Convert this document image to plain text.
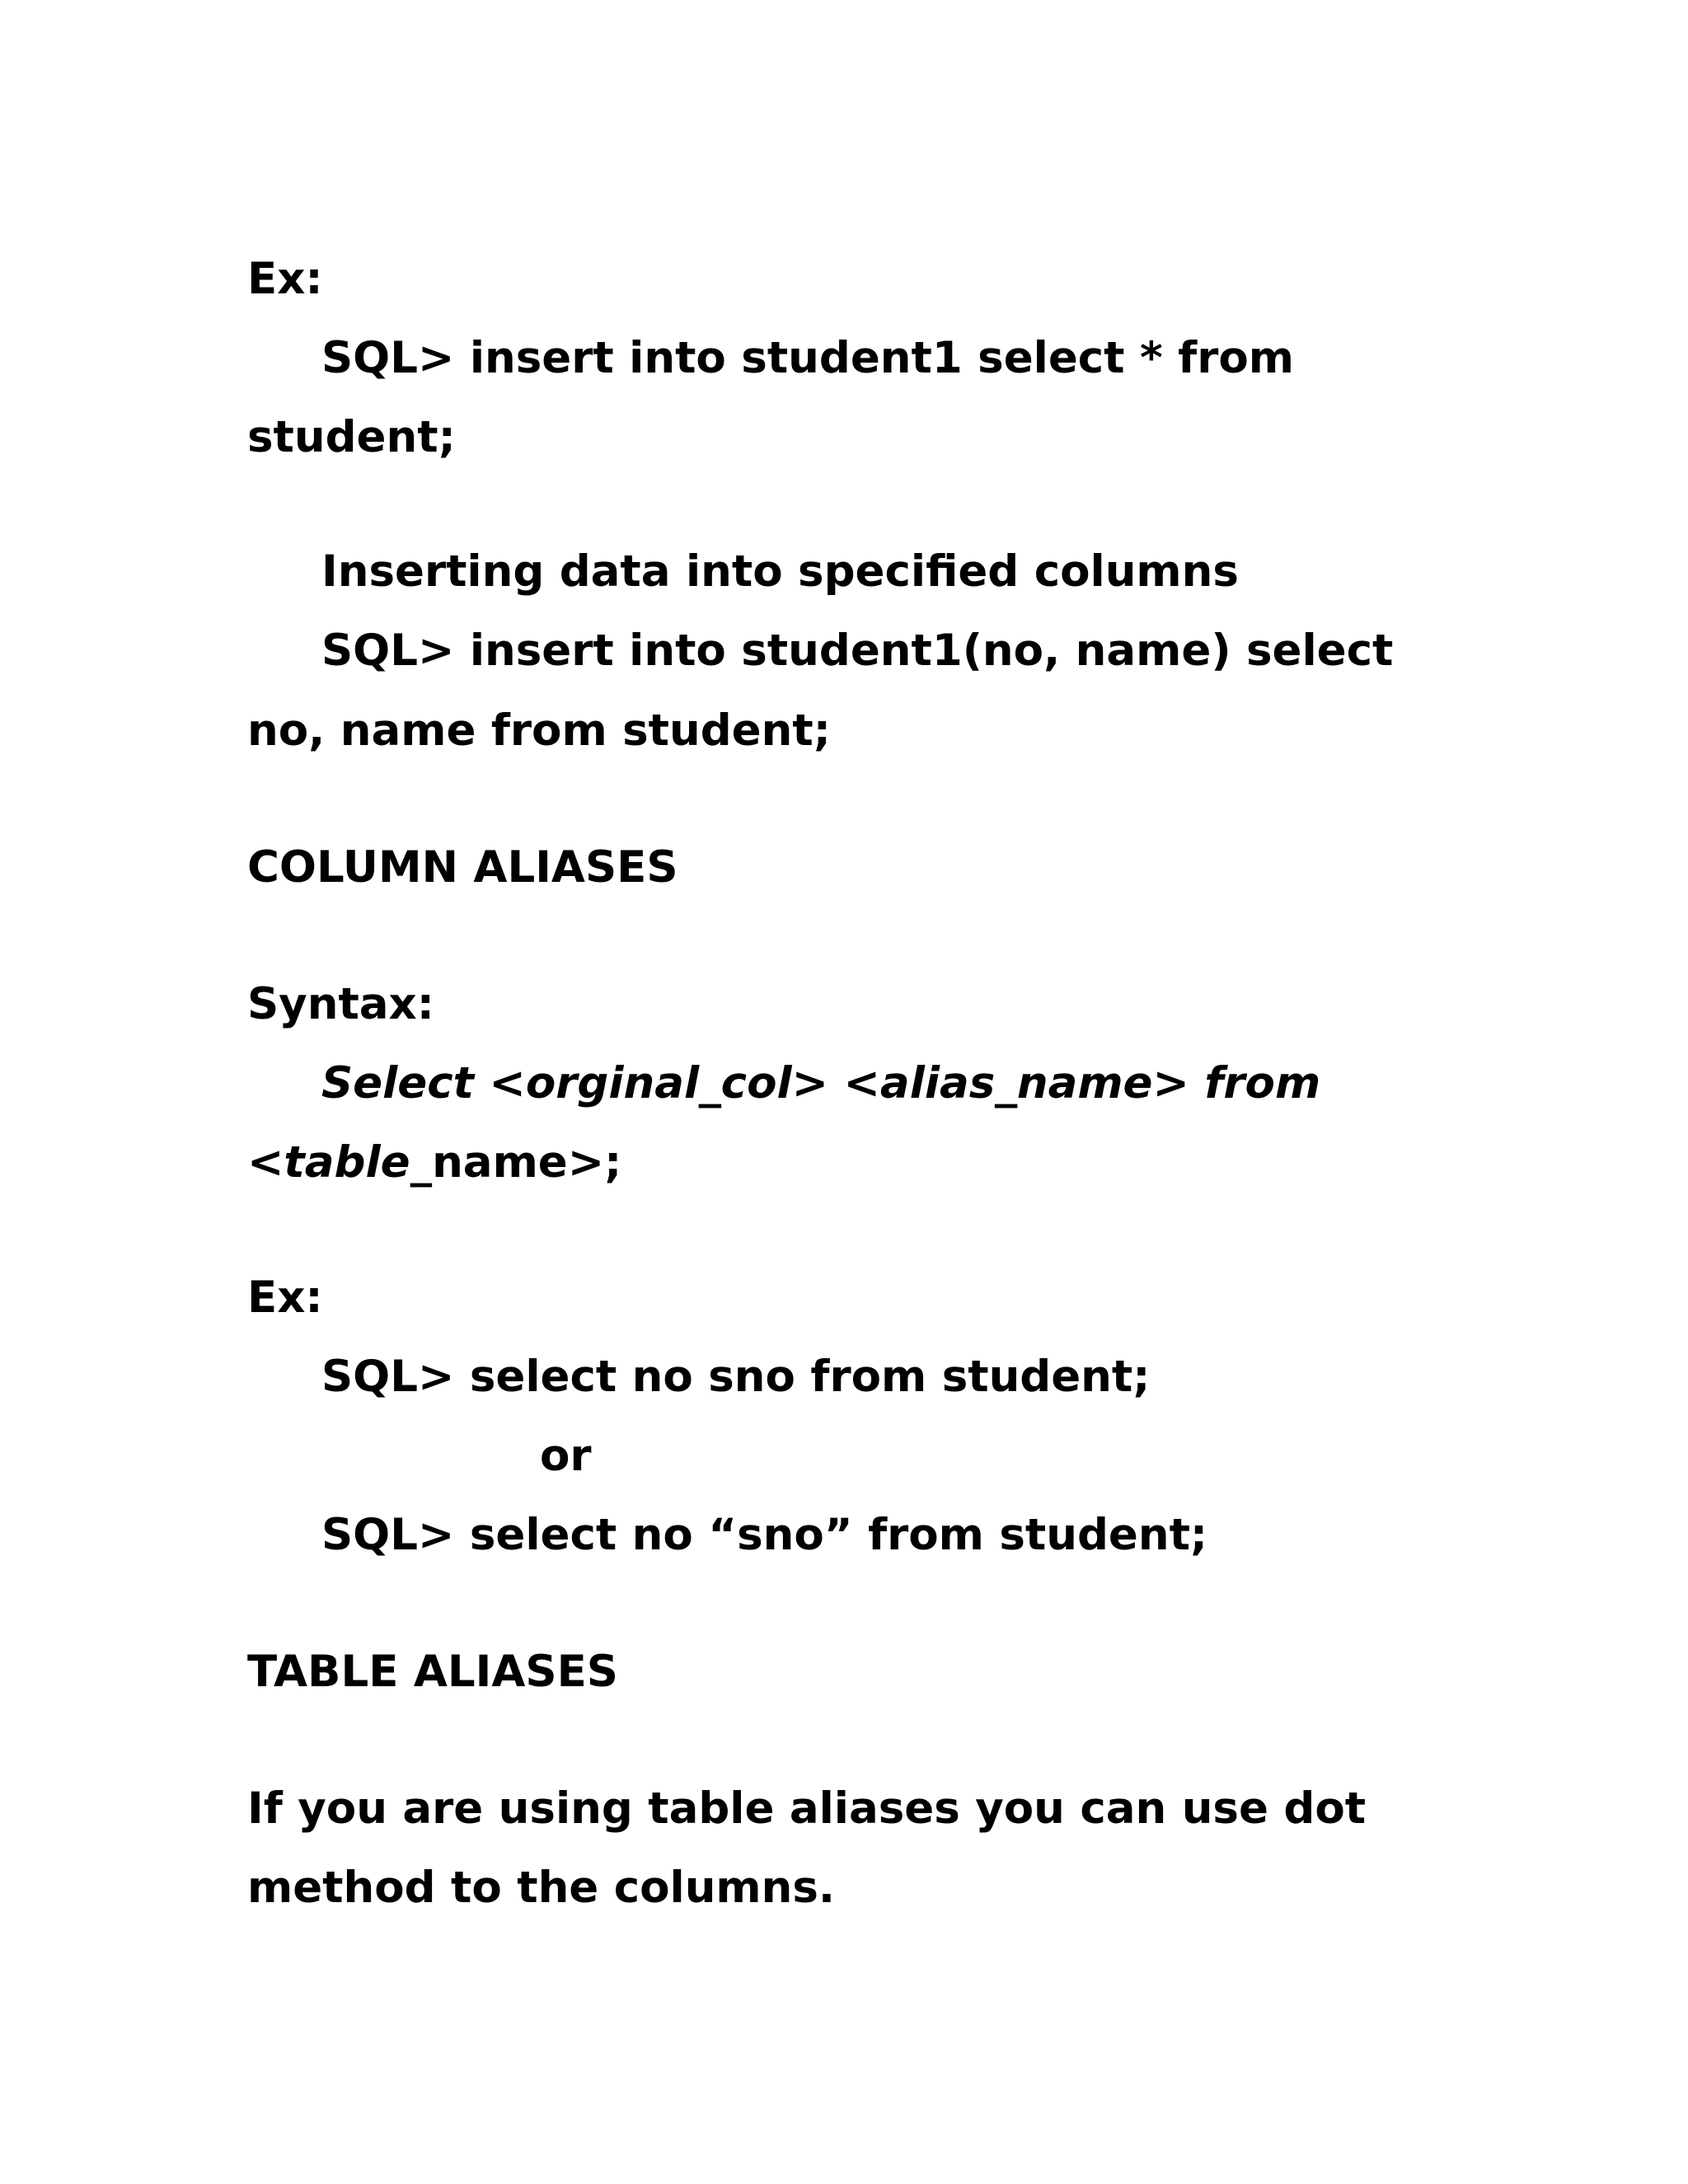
Ex:
SQL> insert into student1 select * from
student;
Inserting data into specified columns
SQL> insert into student1(no, name) select
no, name from student;
COLUMN ALIASES
Syntax:
Select <orginal_col> <alias_name> from
<table_name>;
Ex:
SQL> select no sno from student;
or
SQL> select no “sno” from student;
TABLE ALIASES
If you are using table aliases you can use dot
method to the columns.
